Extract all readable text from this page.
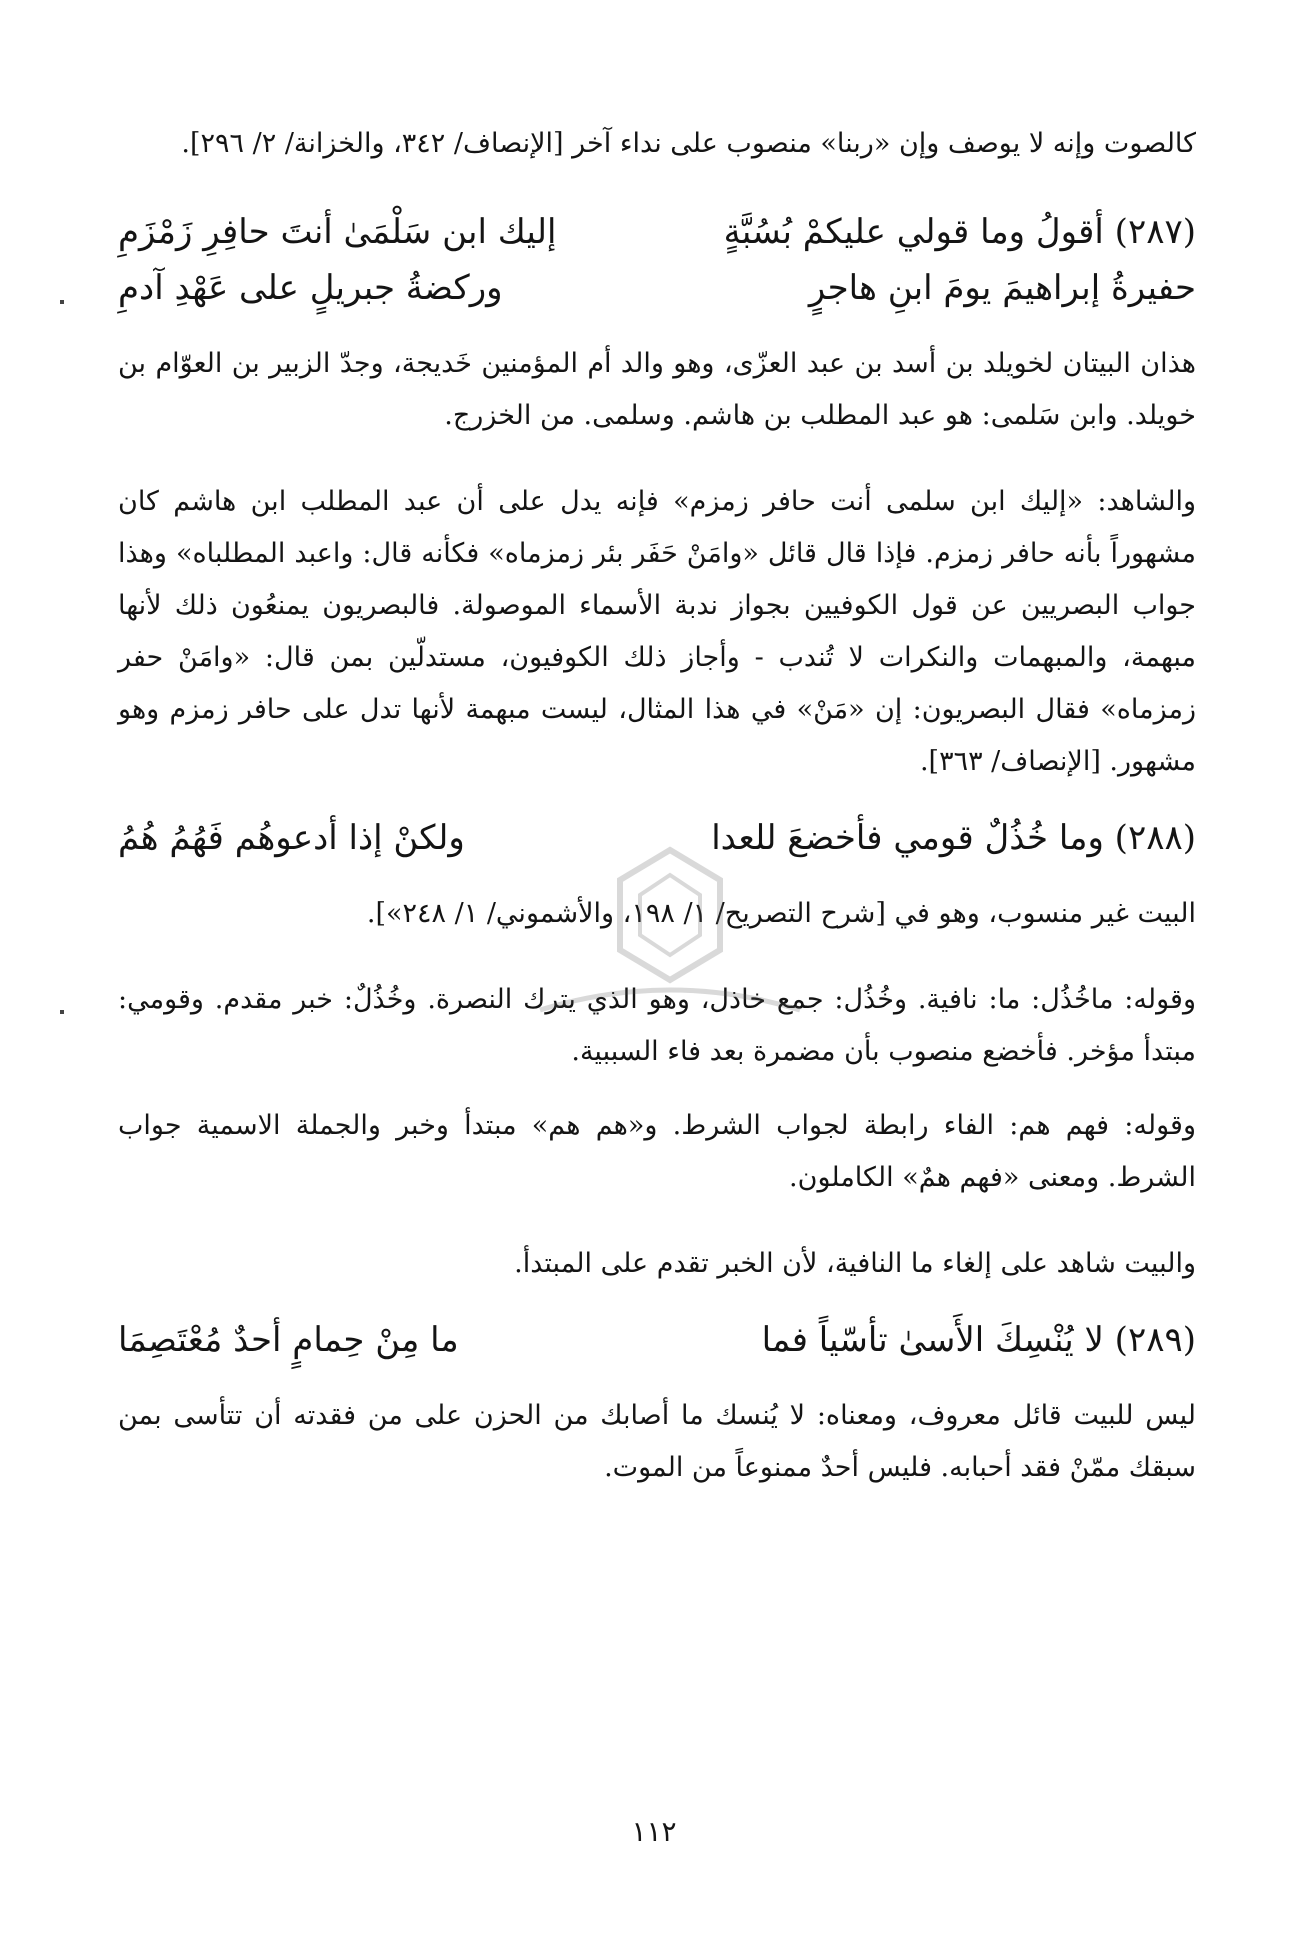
كالصوت وإنه لا يوصف وإن «ربنا» منصوب على نداء آخر [الإنصاف/ ٣٤٢، والخزانة/ ٢/ ٢٩٦].

(٢٨٧) أقولُ وما قولي عليكمْ بُسُبَّةٍ
إليك ابن سَلْمَىٰ أنتَ حافِرِ زَمْزَمِ
حفيرةُ إبراهيمَ يومَ ابنِ هاجرٍ
وركضةُ جبريلٍ على عَهْدِ آدمِ

هذان البيتان لخويلد بن أسد بن عبد العزّى، وهو والد أم المؤمنين خَديجة، وجدّ الزبير بن العوّام بن خويلد. وابن سَلمى: هو عبد المطلب بن هاشم. وسلمى. من الخزرج.

والشاهد: «إليك ابن سلمى أنت حافر زمزم» فإنه يدل على أن عبد المطلب ابن هاشم كان مشهوراً بأنه حافر زمزم. فإذا قال قائل «وامَنْ حَفَر بئر زمزماه» فكأنه قال: واعبد المطلباه» وهذا جواب البصريين عن قول الكوفيين بجواز ندبة الأسماء الموصولة. فالبصريون يمنعُون ذلك لأنها مبهمة، والمبهمات والنكرات لا تُندب - وأجاز ذلك الكوفيون، مستدلّين بمن قال: «وامَنْ حفر زمزماه» فقال البصريون: إن «مَنْ» في هذا المثال، ليست مبهمة لأنها تدل على حافر زمزم وهو مشهور. [الإنصاف/ ٣٦٣].

(٢٨٨) وما خُذُلٌ قومي فأخضعَ للعدا
ولكنْ إذا أدعوهُم فَهُمُ هُمُ

البيت غير منسوب، وهو في [شرح التصريح/ ١/ ١٩٨، والأشموني/ ١/ ٢٤٨»].

وقوله: ماخُذُل: ما: نافية. وخُذُل: جمع خاذل، وهو الذي يترك النصرة. وخُذُلٌ: خبر مقدم. وقومي: مبتدأ مؤخر. فأخضع منصوب بأن مضمرة بعد فاء السببية.

وقوله: فهم هم: الفاء رابطة لجواب الشرط. و«هم هم» مبتدأ وخبر والجملة الاسمية جواب الشرط. ومعنى «فهم همٌ» الكاملون.

والبيت شاهد على إلغاء ما النافية، لأن الخبر تقدم على المبتدأ.

(٢٨٩) لا يُنْسِكَ الأَسىٰ تأسّياً فما
ما مِنْ حِمامٍ أحدٌ مُعْتَصِمَا

ليس للبيت قائل معروف، ومعناه: لا يُنسك ما أصابك من الحزن على من فقدته أن تتأسى بمن سبقك ممّنْ فقد أحبابه. فليس أحدٌ ممنوعاً من الموت.

١١٢
